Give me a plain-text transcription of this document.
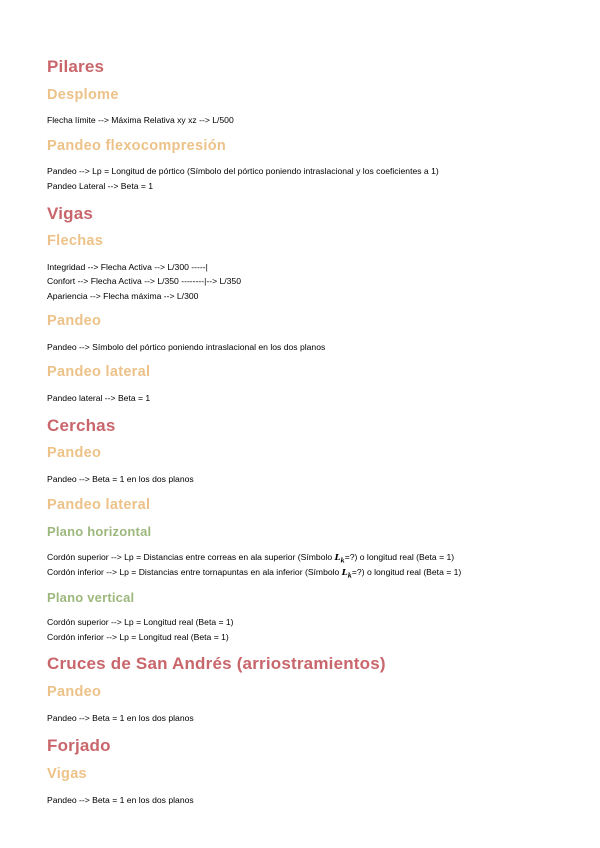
Pilares
Desplome
Flecha límite --> Máxima Relativa xy xz --> L/500
Pandeo flexocompresión
Pandeo --> Lp = Longitud de pórtico (Símbolo del pórtico poniendo intraslacional y los coeficientes a 1)
Pandeo Lateral --> Beta = 1
Vigas
Flechas
Integridad --> Flecha Activa --> L/300 -----|
Confort --> Flecha Activa --> L/350 --------|--> L/350
Apariencia --> Flecha máxima --> L/300
Pandeo
Pandeo --> Símbolo del pórtico poniendo intraslacional en los dos planos
Pandeo lateral
Pandeo lateral --> Beta = 1
Cerchas
Pandeo
Pandeo --> Beta = 1 en los dos planos
Pandeo lateral
Plano horizontal
Cordón superior --> Lp = Distancias entre correas en ala superior (Símbolo $L_k=$?) o longitud real (Beta = 1)
Cordón inferior --> Lp = Distancias entre tornapuntas en ala inferior (Símbolo $L_k=$?) o longitud real (Beta = 1)
Plano vertical
Cordón superior --> Lp = Longitud real (Beta = 1)
Cordón inferior --> Lp = Longitud real (Beta = 1)
Cruces de San Andrés (arriostramientos)
Pandeo
Pandeo --> Beta = 1 en los dos planos
Forjado
Vigas
Pandeo --> Beta = 1 en los dos planos
